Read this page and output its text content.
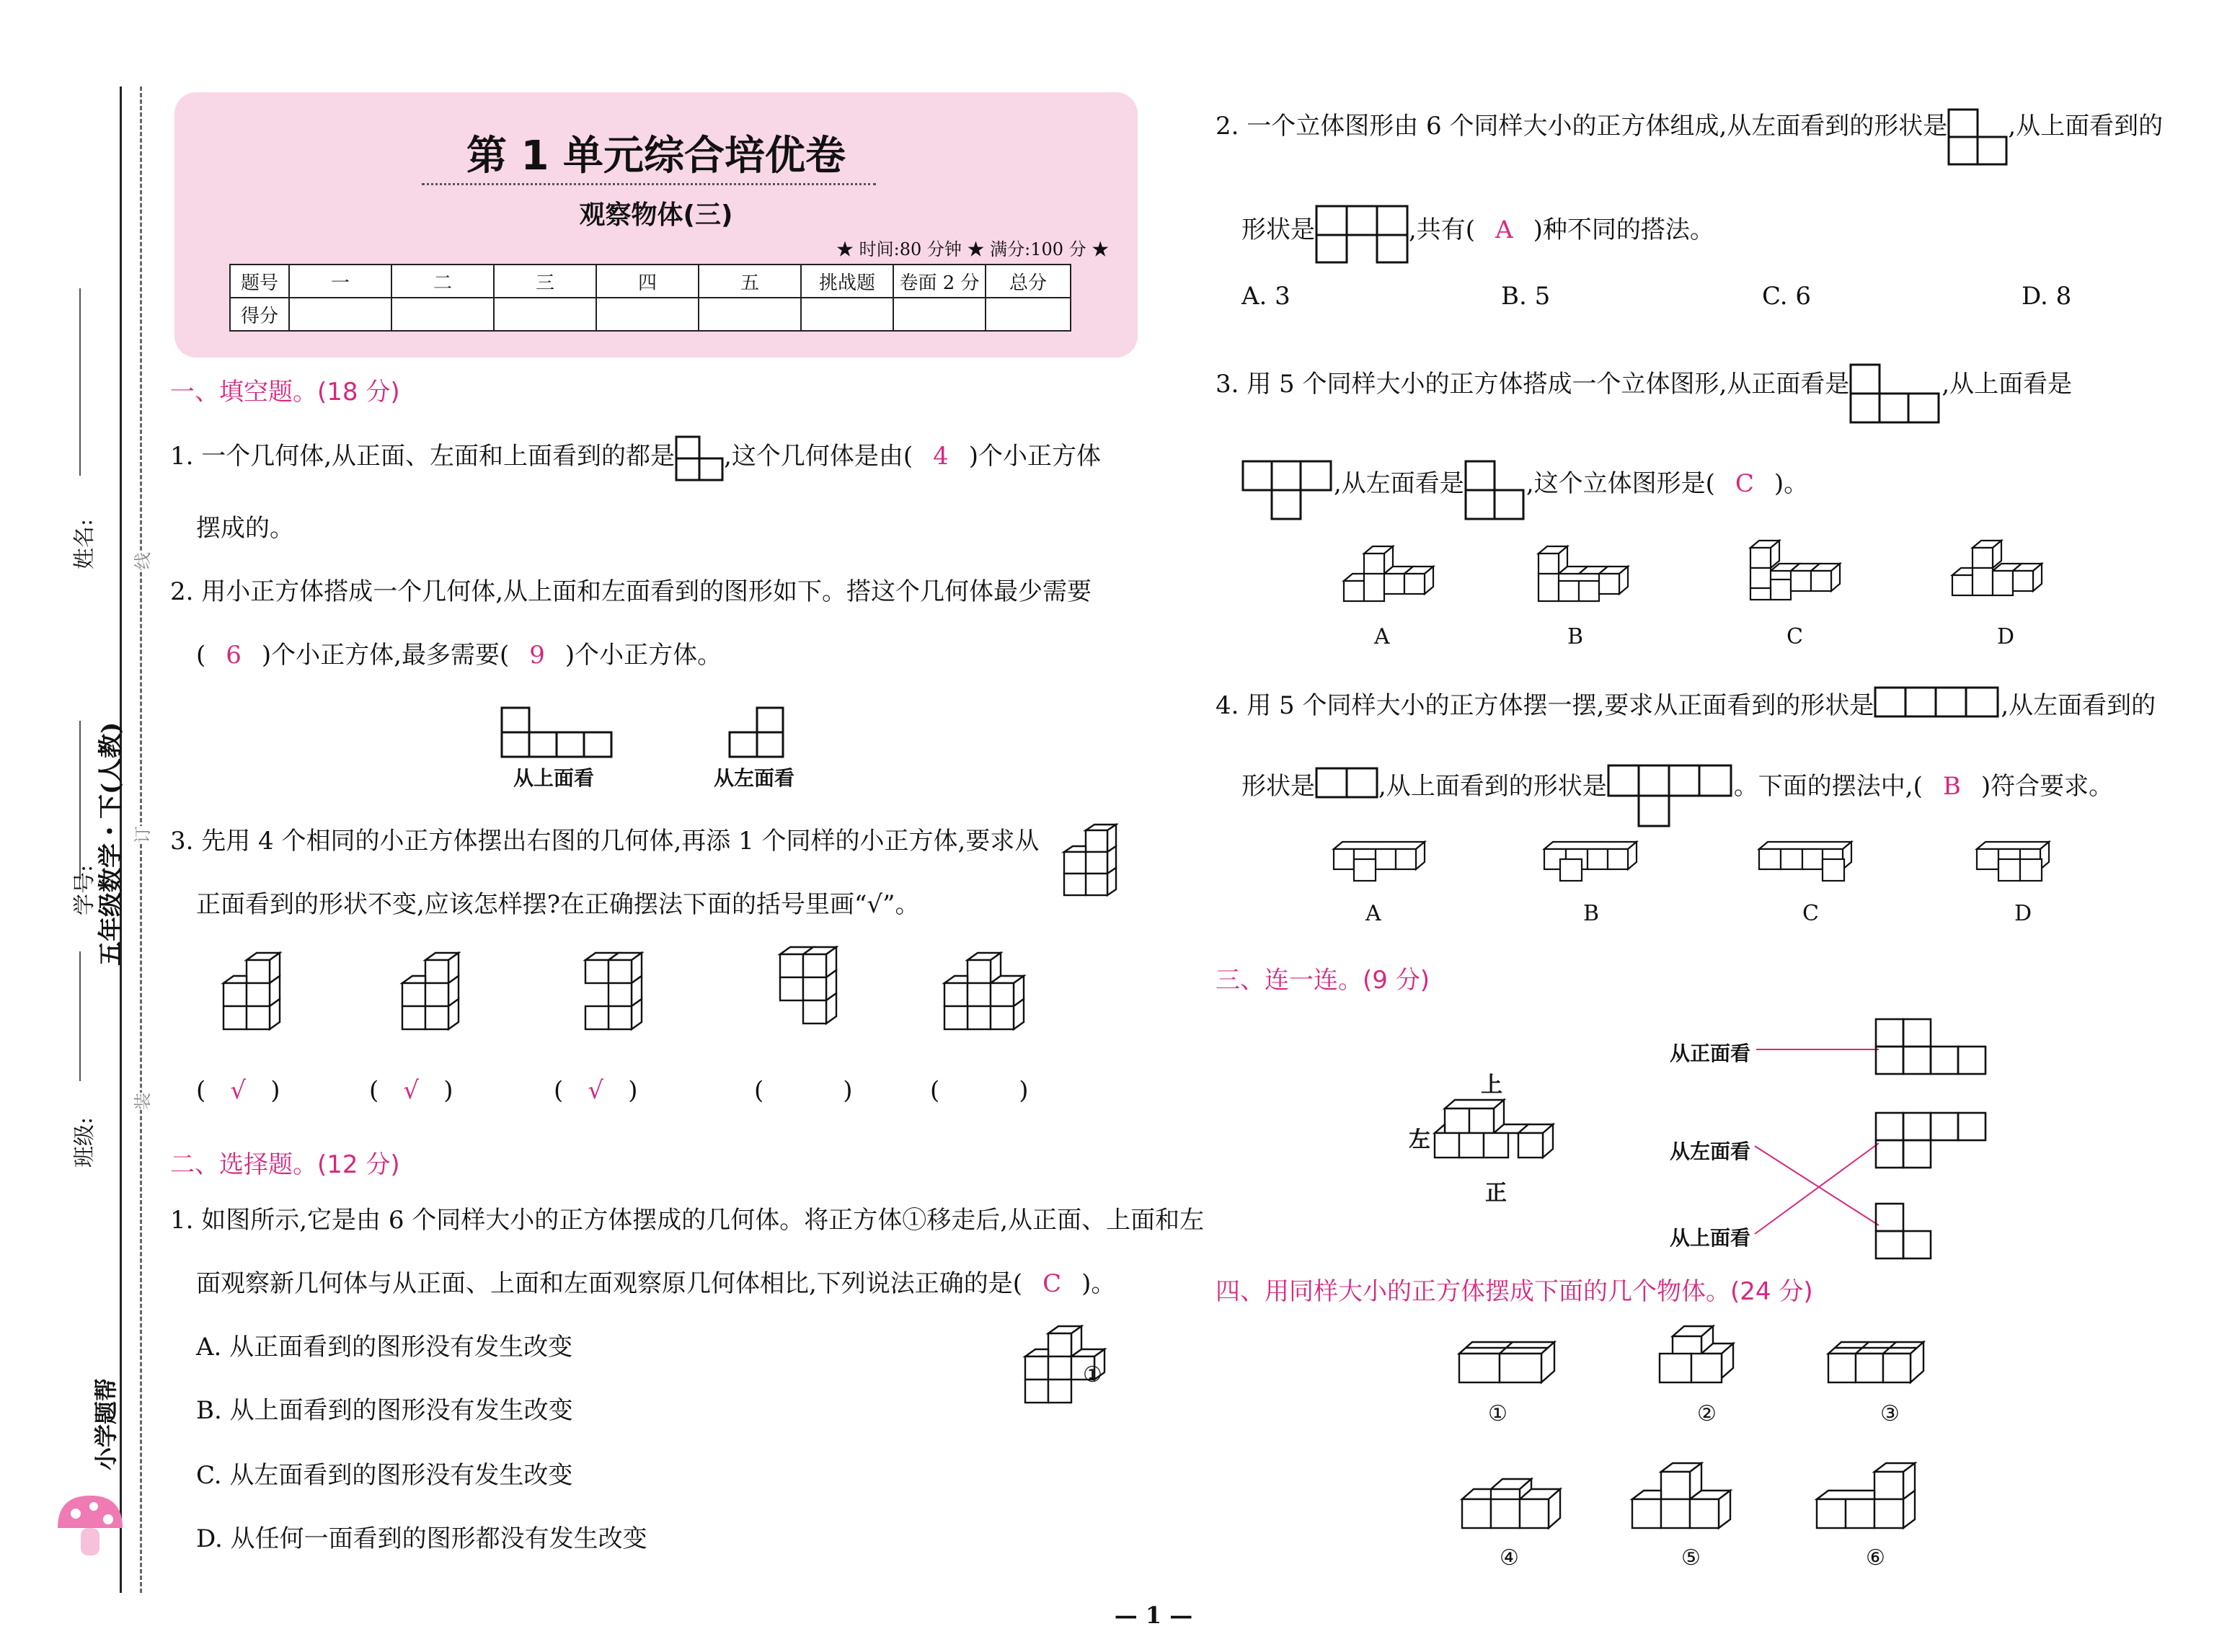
姓名:
学号:
班级:
五年级数学・下(人教)
小学题帮
线
订
装
第 1 单元综合培优卷
观察物体(三)
★ 时间:80 分钟 ★ 满分:100 分 ★
题号	一	二	三	四	五	挑战题	卷面 2 分	总分
得分								
一、填空题。(18 分)
1. 一个几何体,从正面、左面和上面看到的都是 ,这个几何体是由( 4 )个小正方体
摆成的。
2. 用小正方体搭成一个几何体,从上面和左面看到的图形如下。搭这个几何体最少需要
( 6 )个小正方体,最多需要( 9 )个小正方体。
从上面看	从左面看
3. 先用 4 个相同的小正方体摆出右图的几何体,再添 1 个同样的小正方体,要求从
正面看到的形状不变,应该怎样摆?在正确摆法下面的括号里画“√”。
( √ )	( √ )	( √ )	(	)	(	)
二、选择题。(12 分)
1. 如图所示,它是由 6 个同样大小的正方体摆成的几何体。将正方体①移走后,从正面、上面和左
面观察新几何体与从正面、上面和左面观察原几何体相比,下列说法正确的是( C )。
A. 从正面看到的图形没有发生改变
B. 从上面看到的图形没有发生改变
C. 从左面看到的图形没有发生改变
D. 从任何一面看到的图形都没有发生改变
①
2. 一个立体图形由 6 个同样大小的正方体组成,从左面看到的形状是 ,从上面看到的
形状是	,共有( A )种不同的搭法。
A. 3	B. 5	C. 6	D. 8
3. 用 5 个同样大小的正方体搭成一个立体图形,从正面看是	,从上面看是
,从左面看是	,这个立体图形是( C )。
A	B	C	D
4. 用 5 个同样大小的正方体摆一摆,要求从正面看到的形状是	,从左面看到的
形状是	,从上面看到的形状是	。下面的摆法中,( B )符合要求。
A	B	C	D
三、连一连。(9 分)
上
左
正
从正面看
从左面看
从上面看
四、用同样大小的正方体摆成下面的几个物体。(24 分)
①	②	③
④	⑤	⑥
— 1 —
